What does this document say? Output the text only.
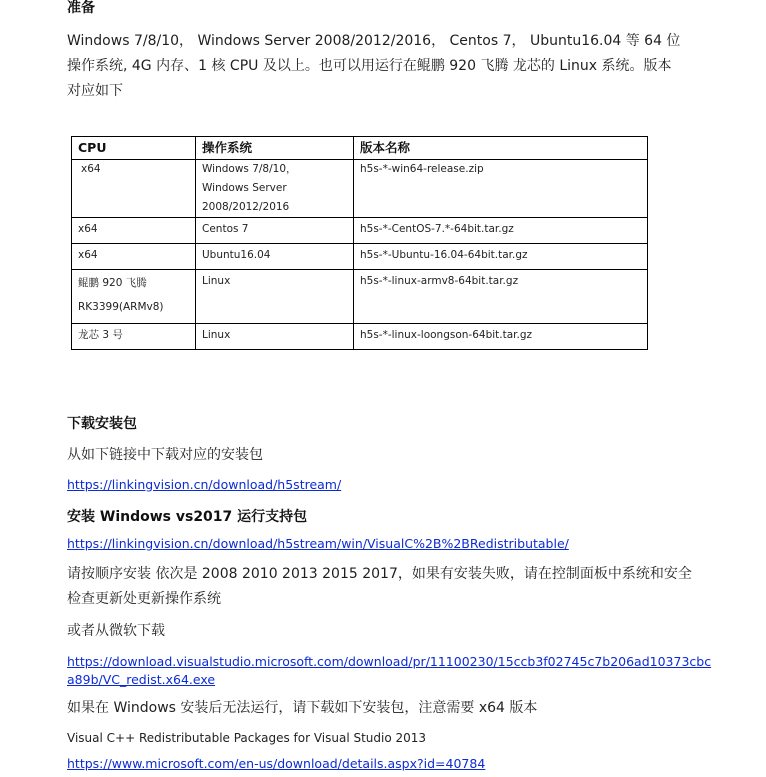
准备
Windows 7/8/10， Windows Server 2008/2012/2016， Centos 7， Ubuntu16.04 等 64 位
操作系统, 4G 内存、1 核 CPU 及以上。也可以用运行在鲲鹏 920 飞腾 龙芯的 Linux 系统。版本
对应如下
CPU	操作系统	版本名称

x64	Windows 7/8/10，
Windows Server
2008/2012/2016	h5s-*-win64-release.zip

x64	Centos 7	h5s-*-CentOS-7.*-64bit.tar.gz

x64	Ubuntu16.04	h5s-*-Ubuntu-16.04-64bit.tar.gz

鲲鹏 920 飞腾
RK3399(ARMv8)	Linux	h5s-*-linux-armv8-64bit.tar.gz

龙芯 3 号	Linux	h5s-*-linux-loongson-64bit.tar.gz
下载安装包
从如下链接中下载对应的安装包
https://linkingvision.cn/download/h5stream/
安装 Windows vs2017 运行支持包
https://linkingvision.cn/download/h5stream/win/VisualC%2B%2BRedistributable/
请按顺序安装 依次是 2008 2010 2013 2015 2017，如果有安装失败，请在控制面板中系统和安全
检查更新处更新操作系统
或者从微软下载
https://download.visualstudio.microsoft.com/download/pr/11100230/15ccb3f02745c7b206ad10373cbc
a89b/VC_redist.x64.exe
如果在 Windows 安装后无法运行，请下载如下安装包，注意需要 x64 版本
Visual C++ Redistributable Packages for Visual Studio 2013
https://www.microsoft.com/en-us/download/details.aspx?id=40784
